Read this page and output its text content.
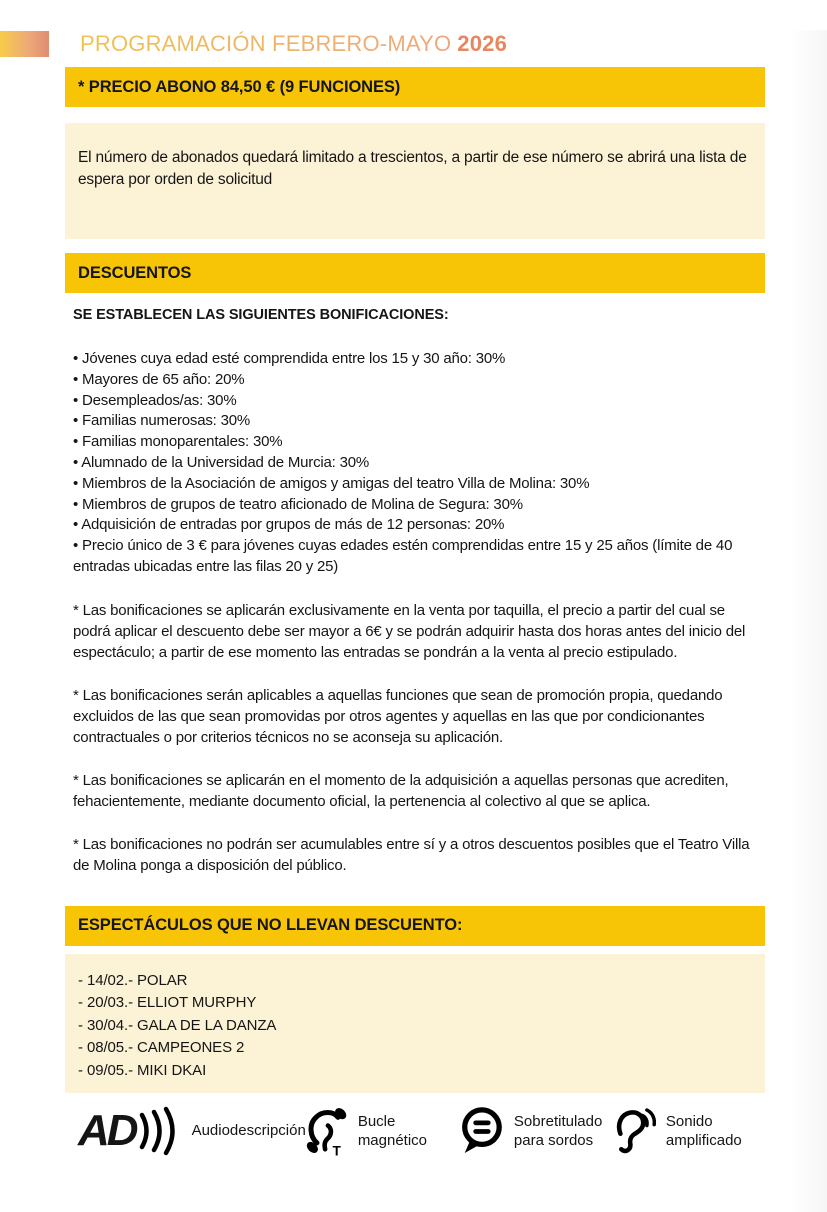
PROGRAMACIÓN FEBRERO-MAYO 2026
* PRECIO ABONO 84,50 € (9 FUNCIONES)
El número de abonados quedará limitado a trescientos, a partir de ese número se abrirá una lista de espera por orden de solicitud
DESCUENTOS
SE ESTABLECEN LAS SIGUIENTES BONIFICACIONES:
• Jóvenes cuya edad esté comprendida entre los 15 y 30 año: 30%
• Mayores de 65 año: 20%
• Desempleados/as: 30%
• Familias numerosas: 30%
• Familias monoparentales: 30%
• Alumnado de la Universidad de Murcia: 30%
• Miembros de la Asociación de amigos y amigas del teatro Villa de Molina: 30%
• Miembros de grupos de teatro aficionado de Molina de Segura: 30%
• Adquisición de entradas por grupos de más de 12 personas: 20%
• Precio único de 3 € para jóvenes cuyas edades estén comprendidas entre 15 y 25 años (límite de 40 entradas ubicadas entre las filas 20 y 25)

* Las bonificaciones se aplicarán exclusivamente en la venta por taquilla, el precio a partir del cual se podrá aplicar el descuento debe ser mayor a 6€ y se podrán adquirir hasta dos horas antes del inicio del espectáculo; a partir de ese momento las entradas se pondrán a la venta al precio estipulado.

* Las bonificaciones serán aplicables a aquellas funciones que sean de promoción propia, quedando excluidos de las que sean promovidas por otros agentes y aquellas en las que por condicionantes contractuales o por criterios técnicos no se aconseja su aplicación.

* Las bonificaciones se aplicarán en el momento de la adquisición a aquellas personas que acrediten, fehacientemente, mediante documento oficial, la pertenencia al colectivo al que se aplica.

* Las bonificaciones no podrán ser acumulables entre sí y a otros descuentos posibles que el Teatro Villa de Molina ponga a disposición del público.

ESPECTÁCULOS QUE NO LLEVAN DESCUENTO:
- 14/02.- POLAR
- 20/03.- ELLIOT MURPHY
- 30/04.- GALA DE LA DANZA
- 08/05.- CAMPEONES 2
- 09/05.- MIKI DKAI
AD	Audiodescripción
T
Bucle magnético
Sobretitulado para sordos
Sonido amplificado
